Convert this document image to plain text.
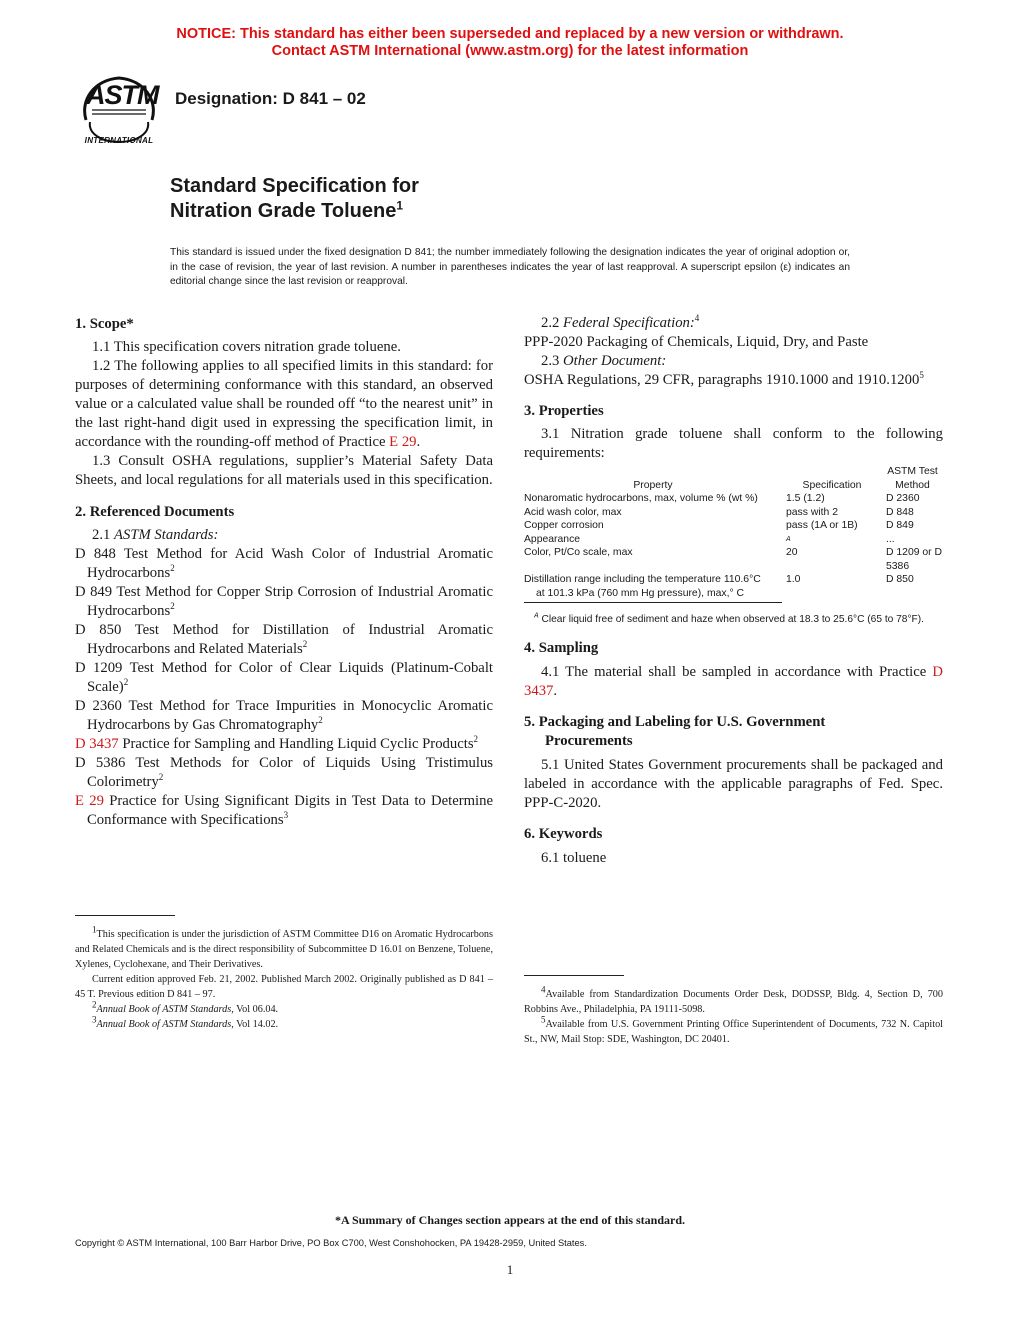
NOTICE: This standard has either been superseded and replaced by a new version or withdrawn.
Contact ASTM International (www.astm.org) for the latest information
ASTM
INTERNATIONAL
Designation: D 841 – 02
Standard Specification for
Nitration Grade Toluene$^1$
This standard is issued under the fixed designation D 841; the number immediately following the designation indicates the year of original adoption or, in the case of revision, the year of last revision. A number in parentheses indicates the year of last reapproval. A superscript epsilon (ε) indicates an editorial change since the last revision or reapproval.

1. Scope*

1.1 This specification covers nitration grade toluene.

1.2 The following applies to all specified limits in this standard: for purposes of determining conformance with this standard, an observed value or a calculated value shall be rounded off “to the nearest unit” in the last right-hand digit used in expressing the specification limit, in accordance with the rounding-off method of Practice E 29.

1.3 Consult OSHA regulations, supplier’s Material Safety Data Sheets, and local regulations for all materials used in this specification.

2. Referenced Documents

2.1 ASTM Standards:

D 848 Test Method for Acid Wash Color of Industrial Aromatic Hydrocarbons$^2$

D 849 Test Method for Copper Strip Corrosion of Industrial Aromatic Hydrocarbons$^2$

D 850 Test Method for Distillation of Industrial Aromatic Hydrocarbons and Related Materials$^2$

D 1209 Test Method for Color of Clear Liquids (Platinum-Cobalt Scale)$^2$

D 2360 Test Method for Trace Impurities in Monocyclic Aromatic Hydrocarbons by Gas Chromatography$^2$

D 3437 Practice for Sampling and Handling Liquid Cyclic Products$^2$

D 5386 Test Methods for Color of Liquids Using Tristimulus Colorimetry$^2$

E 29 Practice for Using Significant Digits in Test Data to Determine Conformance with Specifications$^3$

$^1$This specification is under the jurisdiction of ASTM Committee D16 on Aromatic Hydrocarbons and Related Chemicals and is the direct responsibility of Subcommittee D 16.01 on Benzene, Toluene, Xylenes, Cyclohexane, and Their Derivatives.

Current edition approved Feb. 21, 2002. Published March 2002. Originally published as D 841 – 45 T. Previous edition D 841 – 97.

$^2$Annual Book of ASTM Standards, Vol 06.04.

$^3$Annual Book of ASTM Standards, Vol 14.02.

2.2 Federal Specification:$^4$

PPP-2020 Packaging of Chemicals, Liquid, Dry, and Paste

2.3 Other Document:

OSHA Regulations, 29 CFR, paragraphs 1910.1000 and 1910.1200$^5$

3. Properties

3.1 Nitration grade toluene shall conform to the following requirements:

Property	Specification	ASTM Test
Method

Nonaromatic hydrocarbons, max, volume % (wt %)	1.5 (1.2)	D 2360
Acid wash color, max	pass with 2	D 848
Copper corrosion	pass (1A or 1B)	D 849
Appearance	A	...
Color, Pt/Co scale, max	20	D 1209 or D 5386
Distillation range including the temperature 110.6°C at 101.3 kPa (760 mm Hg pressure), max,° C	1.0	D 850
$^A$ Clear liquid free of sediment and haze when observed at 18.3 to 25.6°C (65 to 78°F).

4. Sampling

4.1 The material shall be sampled in accordance with Practice D 3437.

5. Packaging and Labeling for U.S. Government
Procurements

5.1 United States Government procurements shall be packaged and labeled in accordance with the applicable paragraphs of Fed. Spec. PPP-C-2020.

6. Keywords

6.1 toluene

$^4$Available from Standardization Documents Order Desk, DODSSP, Bldg. 4, Section D, 700 Robbins Ave., Philadelphia, PA 19111-5098.

$^5$Available from U.S. Government Printing Office Superintendent of Documents, 732 N. Capitol St., NW, Mail Stop: SDE, Washington, DC 20401.

*A Summary of Changes section appears at the end of this standard.
Copyright © ASTM International, 100 Barr Harbor Drive, PO Box C700, West Conshohocken, PA 19428-2959, United States.
1
